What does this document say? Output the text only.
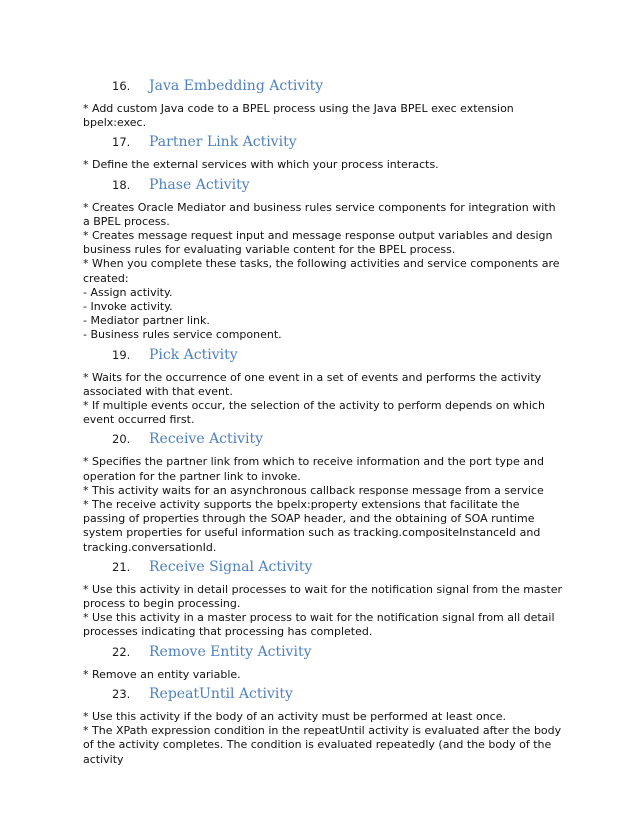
16.	Java Embedding Activity
* Add custom Java code to a BPEL process using the Java BPEL exec extension bpelx:exec.
17.	Partner Link Activity
* Define the external services with which your process interacts.
18.	Phase Activity
* Creates Oracle Mediator and business rules service components for integration with a BPEL process.
* Creates message request input and message response output variables and design business rules for evaluating variable content for the BPEL process.
* When you complete these tasks, the following activities and service components are created:
- Assign activity.
- Invoke activity.
- Mediator partner link.
- Business rules service component.
19.	Pick Activity
* Waits for the occurrence of one event in a set of events and performs the activity associated with that event.
* If multiple events occur, the selection of the activity to perform depends on which event occurred first.
20.	Receive Activity
* Specifies the partner link from which to receive information and the port type and operation for the partner link to invoke.
* This activity waits for an asynchronous callback response message from a service
* The receive activity supports the bpelx:property extensions that facilitate the passing of properties through the SOAP header, and the obtaining of SOA runtime system properties for useful information such as tracking.compositeInstanceId and tracking.conversationId.
21.	Receive Signal Activity
* Use this activity in detail processes to wait for the notification signal from the master process to begin processing.
* Use this activity in a master process to wait for the notification signal from all detail processes indicating that processing has completed.
22.	Remove Entity Activity
* Remove an entity variable.
23.	RepeatUntil Activity
* Use this activity if the body of an activity must be performed at least once.
* The XPath expression condition in the repeatUntil activity is evaluated after the body of the activity completes. The condition is evaluated repeatedly (and the body of the activity
